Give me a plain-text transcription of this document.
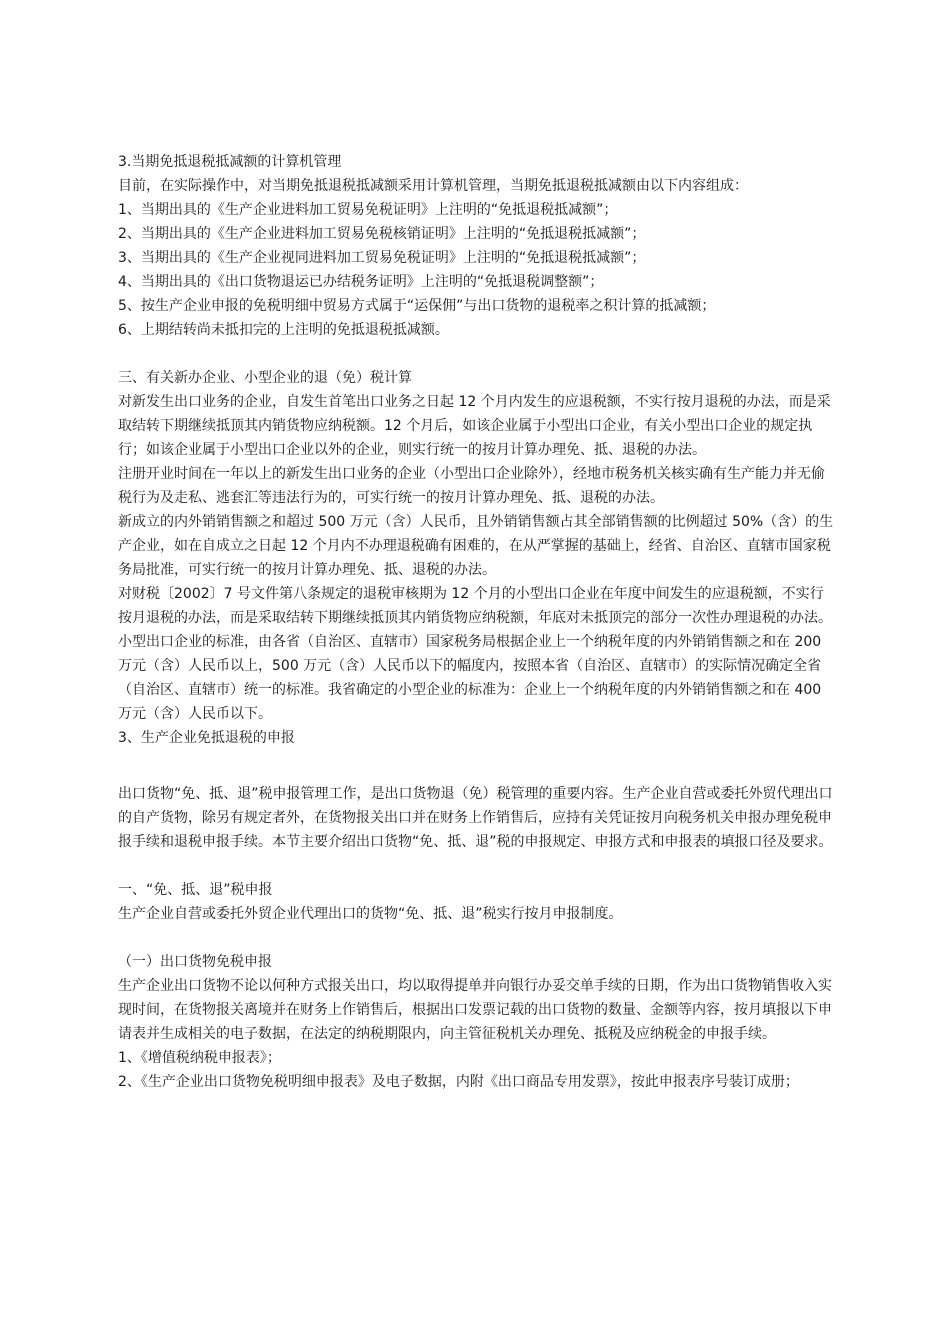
3.当期免抵退税抵减额的计算机管理

目前，在实际操作中，对当期免抵退税抵减额采用计算机管理，当期免抵退税抵减额由以下内容组成：

1、当期出具的《生产企业进料加工贸易免税证明》上注明的“免抵退税抵减额”；

2、当期出具的《生产企业进料加工贸易免税核销证明》上注明的“免抵退税抵减额”；

3、当期出具的《生产企业视同进料加工贸易免税证明》上注明的“免抵退税抵减额”；

4、当期出具的《出口货物退运已办结税务证明》上注明的“免抵退税调整额”；

5、按生产企业申报的免税明细中贸易方式属于“运保佣”与出口货物的退税率之积计算的抵减额；

6、上期结转尚未抵扣完的上注明的免抵退税抵减额。

三、有关新办企业、小型企业的退（免）税计算

对新发生出口业务的企业，自发生首笔出口业务之日起 12 个月内发生的应退税额，不实行按月退税的办法，而是采取结转下期继续抵顶其内销货物应纳税额。12 个月后，如该企业属于小型出口企业，有关小型出口企业的规定执行；如该企业属于小型出口企业以外的企业，则实行统一的按月计算办理免、抵、退税的办法。

注册开业时间在一年以上的新发生出口业务的企业（小型出口企业除外），经地市税务机关核实确有生产能力并无偷税行为及走私、逃套汇等违法行为的，可实行统一的按月计算办理免、抵、退税的办法。

新成立的内外销销售额之和超过 500 万元（含）人民币，且外销销售额占其全部销售额的比例超过 50%（含）的生产企业，如在自成立之日起 12 个月内不办理退税确有困难的，在从严掌握的基础上，经省、自治区、直辖市国家税务局批准，可实行统一的按月计算办理免、抵、退税的办法。

对财税〔2002〕7 号文件第八条规定的退税审核期为 12 个月的小型出口企业在年度中间发生的应退税额，不实行按月退税的办法，而是采取结转下期继续抵顶其内销货物应纳税额，年底对未抵顶完的部分一次性办理退税的办法。小型出口企业的标准，由各省（自治区、直辖市）国家税务局根据企业上一个纳税年度的内外销销售额之和在 200 万元（含）人民币以上，500 万元（含）人民币以下的幅度内，按照本省（自治区、直辖市）的实际情况确定全省（自治区、直辖市）统一的标准。我省确定的小型企业的标准为：企业上一个纳税年度的内外销销售额之和在 400 万元（含）人民币以下。

3、生产企业免抵退税的申报

出口货物“免、抵、退”税申报管理工作，是出口货物退（免）税管理的重要内容。生产企业自营或委托外贸代理出口的自产货物，除另有规定者外，在货物报关出口并在财务上作销售后，应持有关凭证按月向税务机关申报办理免税申报手续和退税申报手续。本节主要介绍出口货物“免、抵、退”税的申报规定、申报方式和申报表的填报口径及要求。

一、“免、抵、退”税申报

生产企业自营或委托外贸企业代理出口的货物“免、抵、退”税实行按月申报制度。

（一）出口货物免税申报

生产企业出口货物不论以何种方式报关出口，均以取得提单并向银行办妥交单手续的日期，作为出口货物销售收入实现时间，在货物报关离境并在财务上作销售后，根据出口发票记载的出口货物的数量、金额等内容，按月填报以下申请表并生成相关的电子数据，在法定的纳税期限内，向主管征税机关办理免、抵税及应纳税金的申报手续。

1、《增值税纳税申报表》；

2、《生产企业出口货物免税明细申报表》及电子数据，内附《出口商品专用发票》，按此申报表序号装订成册；
